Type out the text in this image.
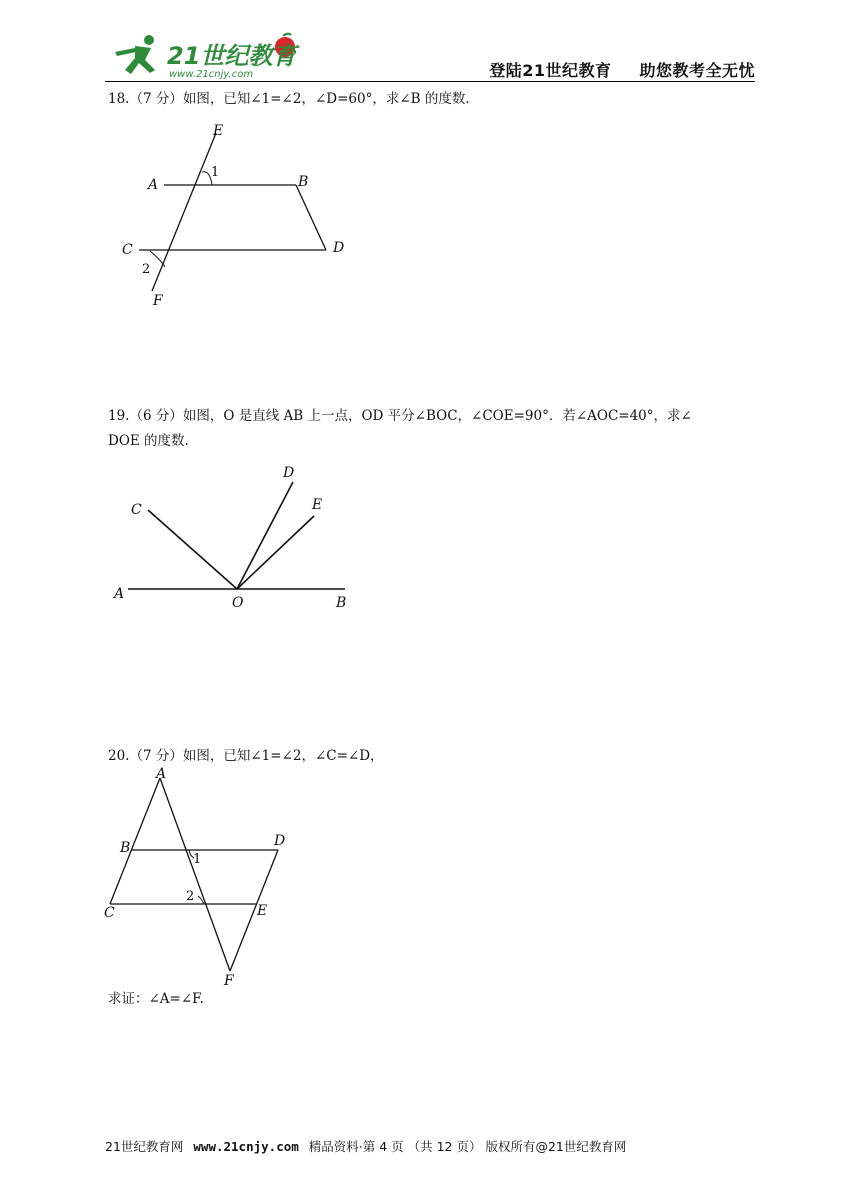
21世纪教育
www.21cnjy.com	登陆21世纪教育 助您教考全无忧
18.（7 分）如图，已知∠1=∠2，∠D=60°，求∠B 的度数.
E
A	B
C	D
F
1
2
19.（6 分）如图，O 是直线 AB 上一点，OD 平分∠BOC，∠COE=90°．若∠AOC=40°，求∠
DOE 的度数.
A
B
C
D
E
O
20.（7 分）如图，已知∠1=∠2，∠C=∠D，
A
B
C
D
E
F
1
2
求证：∠A=∠F.
21世纪教育网 www.21cnjy.com 精品资料·第 4 页 （共 12 页） 版权所有@21世纪教育网
